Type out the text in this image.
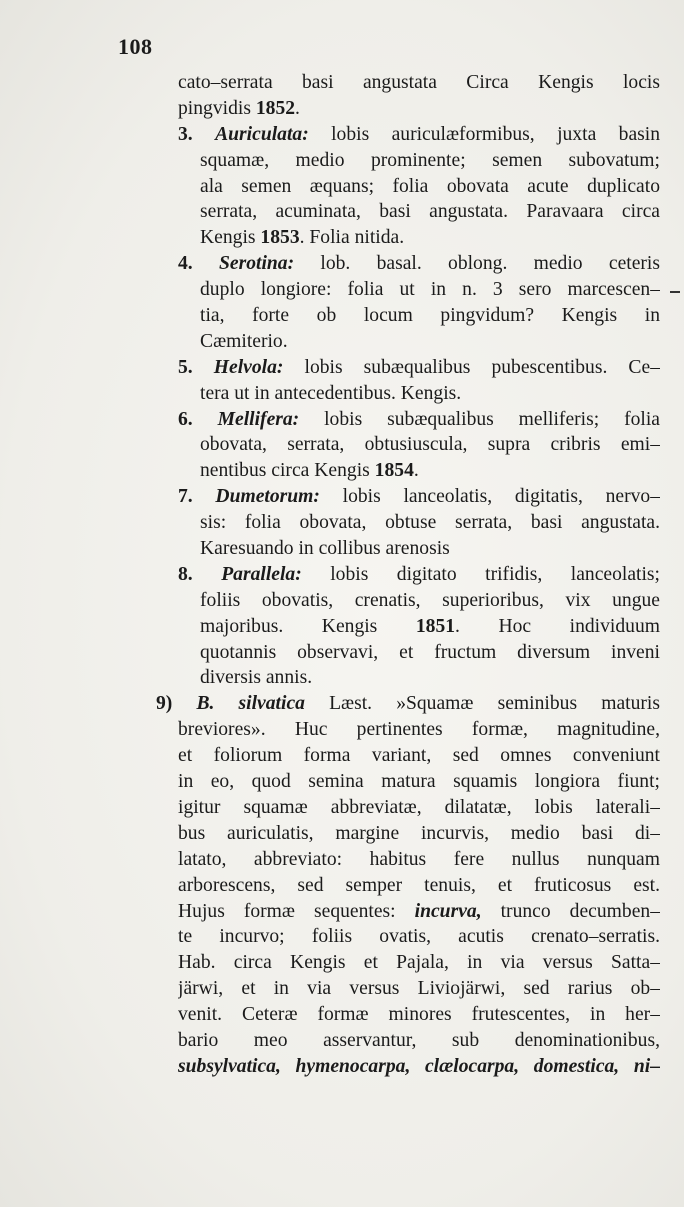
108
cato–serrata basi angustata Circa Kengis locis
pingvidis 1852.
3. Auriculata: lobis auriculæformibus, juxta basin
squamæ, medio prominente; semen subovatum;
ala semen æquans; folia obovata acute duplicato
serrata, acuminata, basi angustata. Paravaara circa
Kengis 1853. Folia nitida.
4. Serotina: lob. basal. oblong. medio ceteris
duplo longiore: folia ut in n. 3 sero marcescen–
tia, forte ob locum pingvidum? Kengis in
Cæmiterio.
5. Helvola: lobis subæqualibus pubescentibus. Ce–
tera ut in antecedentibus. Kengis.
6. Mellifera: lobis subæqualibus melliferis; folia
obovata, serrata, obtusiuscula, supra cribris emi–
nentibus circa Kengis 1854.
7. Dumetorum: lobis lanceolatis, digitatis, nervo–
sis: folia obovata, obtuse serrata, basi angustata.
Karesuando in collibus arenosis
8. Parallela: lobis digitato trifidis, lanceolatis;
foliis obovatis, crenatis, superioribus, vix ungue
majoribus. Kengis 1851. Hoc individuum
quotannis observavi, et fructum diversum inveni
diversis annis.
9) B. silvatica Læst. »Squamæ seminibus maturis
breviores». Huc pertinentes formæ, magnitudine,
et foliorum forma variant, sed omnes conveniunt
in eo, quod semina matura squamis longiora fiunt;
igitur squamæ abbreviatæ, dilatatæ, lobis laterali–
bus auriculatis, margine incurvis, medio basi di–
latato, abbreviato: habitus fere nullus nunquam
arborescens, sed semper tenuis, et fruticosus est.
Hujus formæ sequentes: incurva, trunco decumben–
te incurvo; foliis ovatis, acutis crenato–serratis.
Hab. circa Kengis et Pajala, in via versus Satta–
järwi, et in via versus Liviojärwi, sed rarius ob–
venit. Ceteræ formæ minores frutescentes, in her–
bario meo asservantur, sub denominationibus,
subsylvatica, hymenocarpa, clælocarpa, domestica, ni–
